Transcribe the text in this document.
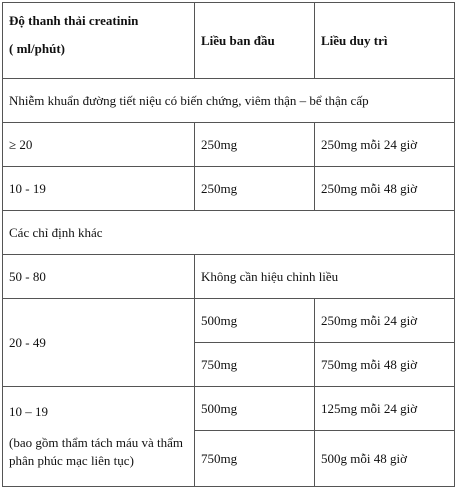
Độ thanh thải creatinin
( ml/phút)	Liều ban đầu	Liều duy trì
Nhiễm khuẩn đường tiết niệu có biến chứng, viêm thận – bể thận cấp		
≥ 20	250mg	250mg mỗi 24 giờ
10 - 19	250mg	250mg mỗi 48 giờ
Các chỉ định khác		
50 - 80	Không cần hiệu chỉnh liều	
20 - 49	500mg	250mg mỗi 24 giờ
	750mg	750mg mỗi 48 giờ
10 – 19
(bao gồm thẩm tách máu và thẩm phân phúc mạc liên tục)	500mg	125mg mỗi 24 giờ
	750mg	500g mỗi 48 giờ
